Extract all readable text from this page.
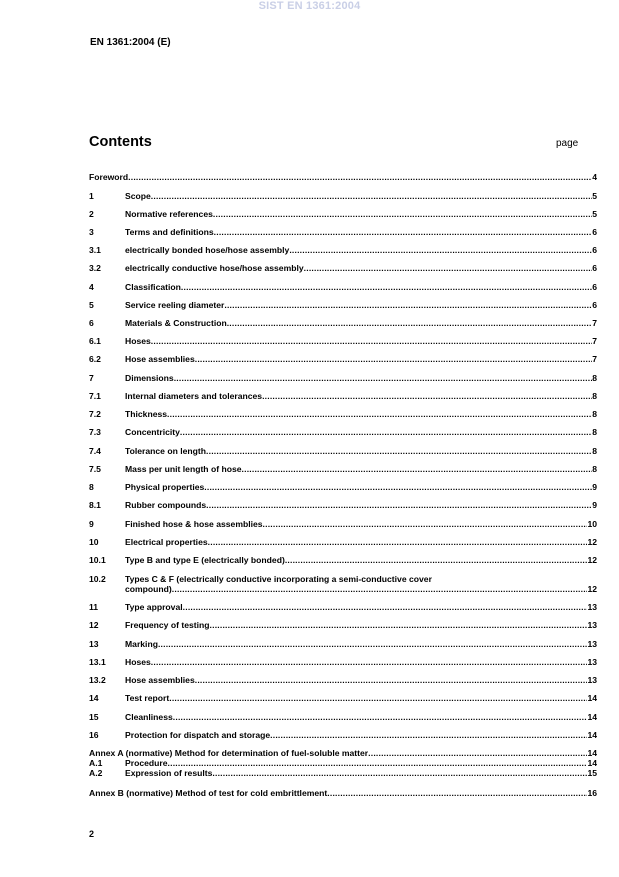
SIST EN 1361:2004
EN 1361:2004 (E)
Contents	page
Foreword .....	4
1	Scope .....	5
2	Normative references .....	5
3	Terms and definitions .....	6
3.1	electrically bonded hose/hose assembly .....	6
3.2	electrically conductive hose/hose assembly .....	6
4	Classification .....	6
5	Service reeling diameter .....	6
6	Materials & Construction .....	7
6.1	Hoses .....	7
6.2	Hose assemblies .....	7
7	Dimensions .....	8
7.1	Internal diameters and tolerances .....	8
7.2	Thickness .....	8
7.3	Concentricity .....	8
7.4	Tolerance on length .....	8
7.5	Mass per unit length of hose .....	8
8	Physical properties .....	9
8.1	Rubber compounds .....	9
9	Finished hose & hose assemblies .....	10
10	Electrical properties .....	12
10.1	Type B and type E (electrically bonded) .....	12
10.2	Types C & F (electrically conductive incorporating a semi-conductive cover
compound) .....	12
11	Type approval .....	13
12	Frequency of testing .....	13
13	Marking .....	13
13.1	Hoses .....	13
13.2	Hose assemblies .....	13
14	Test report .....	14
15	Cleanliness .....	14
16	Protection for dispatch and storage .....	14
Annex A (normative) Method for determination of fuel-soluble matter .....	14
A.1	Procedure .....	14
A.2	Expression of results .....	15
Annex B (normative) Method of test for cold embrittlement .....	16
2
